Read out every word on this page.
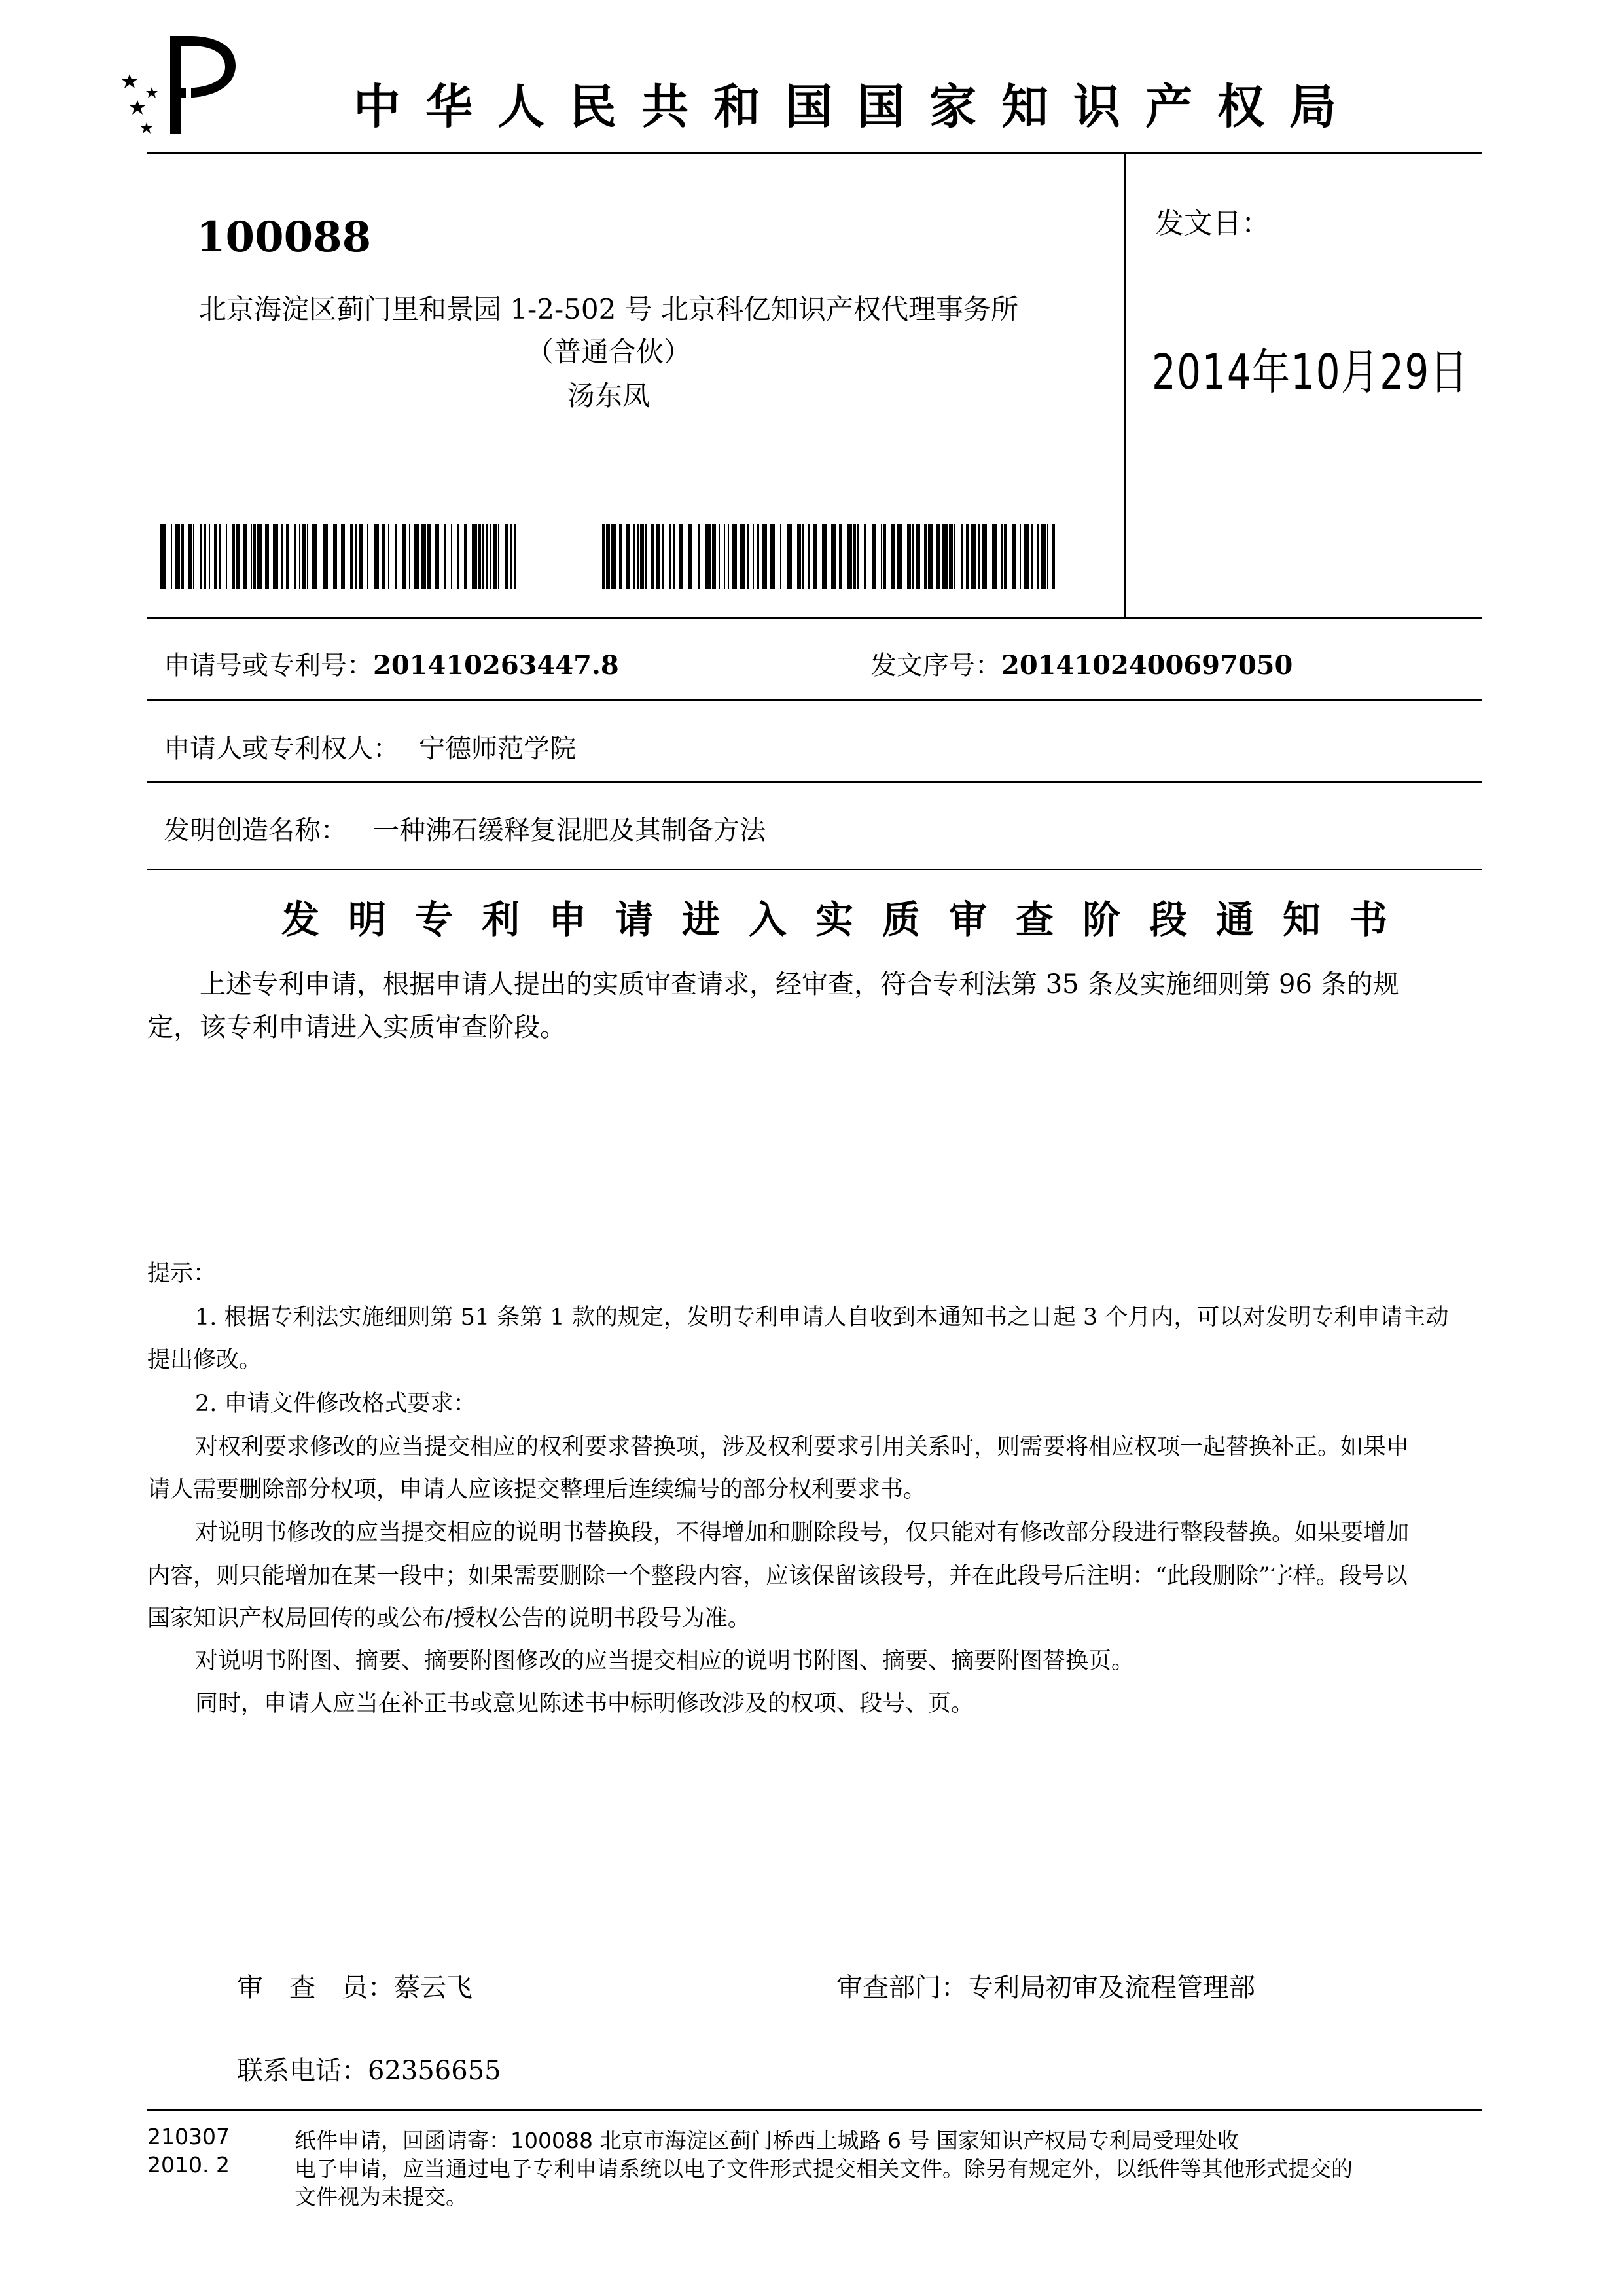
中华人民共和国国家知识产权局
100088
北京海淀区蓟门里和景园 1-2-502 号 北京科亿知识产权代理事务所
（普通合伙）
汤东凤
发文日：
2014年10月29日
申请号或专利号：201410263447.8	发文序号：2014102400697050
申请人或专利权人： 宁德师范学院
发明创造名称： 一种沸石缓释复混肥及其制备方法
发明专利申请进入实质审查阶段通知书
上述专利申请，根据申请人提出的实质审查请求，经审查，符合专利法第 35 条及实施细则第 96 条的规
定，该专利申请进入实质审查阶段。
提示：
1. 根据专利法实施细则第 51 条第 1 款的规定，发明专利申请人自收到本通知书之日起 3 个月内，可以对发明专利申请主动
提出修改。
2. 申请文件修改格式要求：
对权利要求修改的应当提交相应的权利要求替换项，涉及权利要求引用关系时，则需要将相应权项一起替换补正。如果申
请人需要删除部分权项，申请人应该提交整理后连续编号的部分权利要求书。
对说明书修改的应当提交相应的说明书替换段，不得增加和删除段号，仅只能对有修改部分段进行整段替换。如果要增加
内容，则只能增加在某一段中；如果需要删除一个整段内容，应该保留该段号，并在此段号后注明：“此段删除”字样。段号以
国家知识产权局回传的或公布/授权公告的说明书段号为准。
对说明书附图、摘要、摘要附图修改的应当提交相应的说明书附图、摘要、摘要附图替换页。
同时，申请人应当在补正书或意见陈述书中标明修改涉及的权项、段号、页。
审　查　员：蔡云飞	审查部门：专利局初审及流程管理部
联系电话：62356655
210307
2010. 2
纸件申请，回函请寄：100088 北京市海淀区蓟门桥西土城路 6 号 国家知识产权局专利局受理处收
电子申请，应当通过电子专利申请系统以电子文件形式提交相关文件。除另有规定外，以纸件等其他形式提交的
文件视为未提交。
